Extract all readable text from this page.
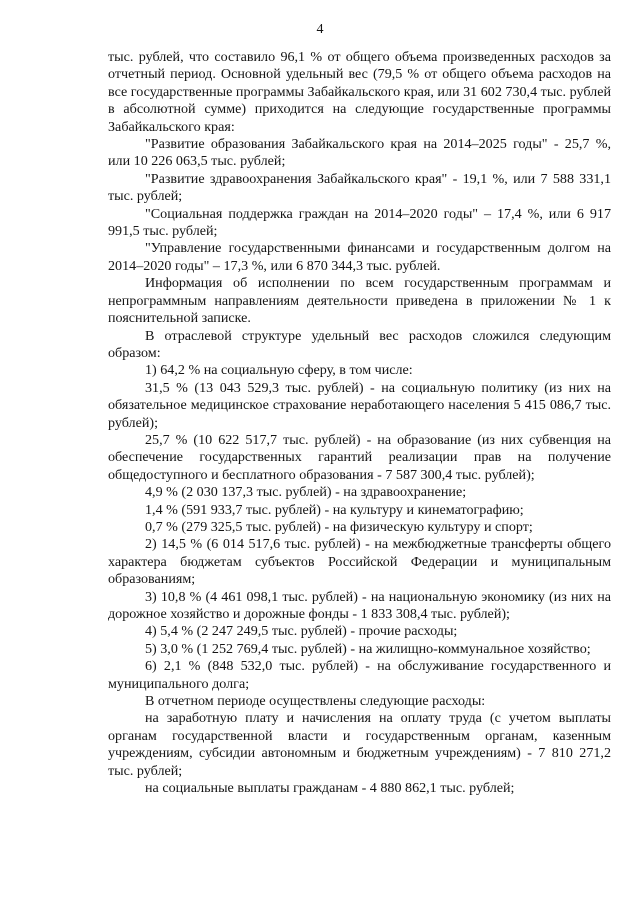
4

тыс. рублей, что составило 96,1 % от общего объема произведенных расходов за отчетный период. Основной удельный вес (79,5 % от общего объема расходов на все государственные программы Забайкальского края, или 31 602 730,4 тыс. рублей в абсолютной сумме) приходится на следующие государственные программы Забайкальского края:

"Развитие образования Забайкальского края на 2014–2025 годы" - 25,7 %, или 10 226 063,5 тыс. рублей;

"Развитие здравоохранения Забайкальского края" - 19,1 %, или 7 588 331,1 тыс. рублей;

"Социальная поддержка граждан на 2014–2020 годы" – 17,4 %, или 6 917 991,5 тыс. рублей;

"Управление государственными финансами и государственным долгом на 2014–2020 годы" – 17,3 %, или 6 870 344,3 тыс. рублей.

Информация об исполнении по всем государственным программам и непрограммным направлениям деятельности приведена в приложении № 1 к пояснительной записке.

В отраслевой структуре удельный вес расходов сложился следующим образом:

1) 64,2 % на социальную сферу, в том числе:

31,5 % (13 043 529,3 тыс. рублей) - на социальную политику (из них на обязательное медицинское страхование неработающего населения 5 415 086,7 тыс. рублей);

25,7 % (10 622 517,7 тыс. рублей) - на образование (из них субвенция на обеспечение государственных гарантий реализации прав на получение общедоступного и бесплатного образования - 7 587 300,4 тыс. рублей);

4,9 % (2 030 137,3 тыс. рублей) - на здравоохранение;

1,4 % (591 933,7 тыс. рублей) - на культуру и кинематографию;

0,7 % (279 325,5 тыс. рублей) - на физическую культуру и спорт;

2) 14,5 % (6 014 517,6 тыс. рублей) - на межбюджетные трансферты общего характера бюджетам субъектов Российской Федерации и муниципальным образованиям;

3) 10,8 % (4 461 098,1 тыс. рублей) - на национальную экономику (из них на дорожное хозяйство и дорожные фонды - 1 833 308,4 тыс. рублей);

4) 5,4 % (2 247 249,5 тыс. рублей) - прочие расходы;

5) 3,0 % (1 252 769,4 тыс. рублей) - на жилищно-коммунальное хозяйство;

6) 2,1 % (848 532,0 тыс. рублей) - на обслуживание государственного и муниципального долга;

В отчетном периоде осуществлены следующие расходы:

на заработную плату и начисления на оплату труда (с учетом выплаты органам государственной власти и государственным органам, казенным учреждениям, субсидии автономным и бюджетным учреждениям) - 7 810 271,2 тыс. рублей;

на социальные выплаты гражданам - 4 880 862,1 тыс. рублей;
